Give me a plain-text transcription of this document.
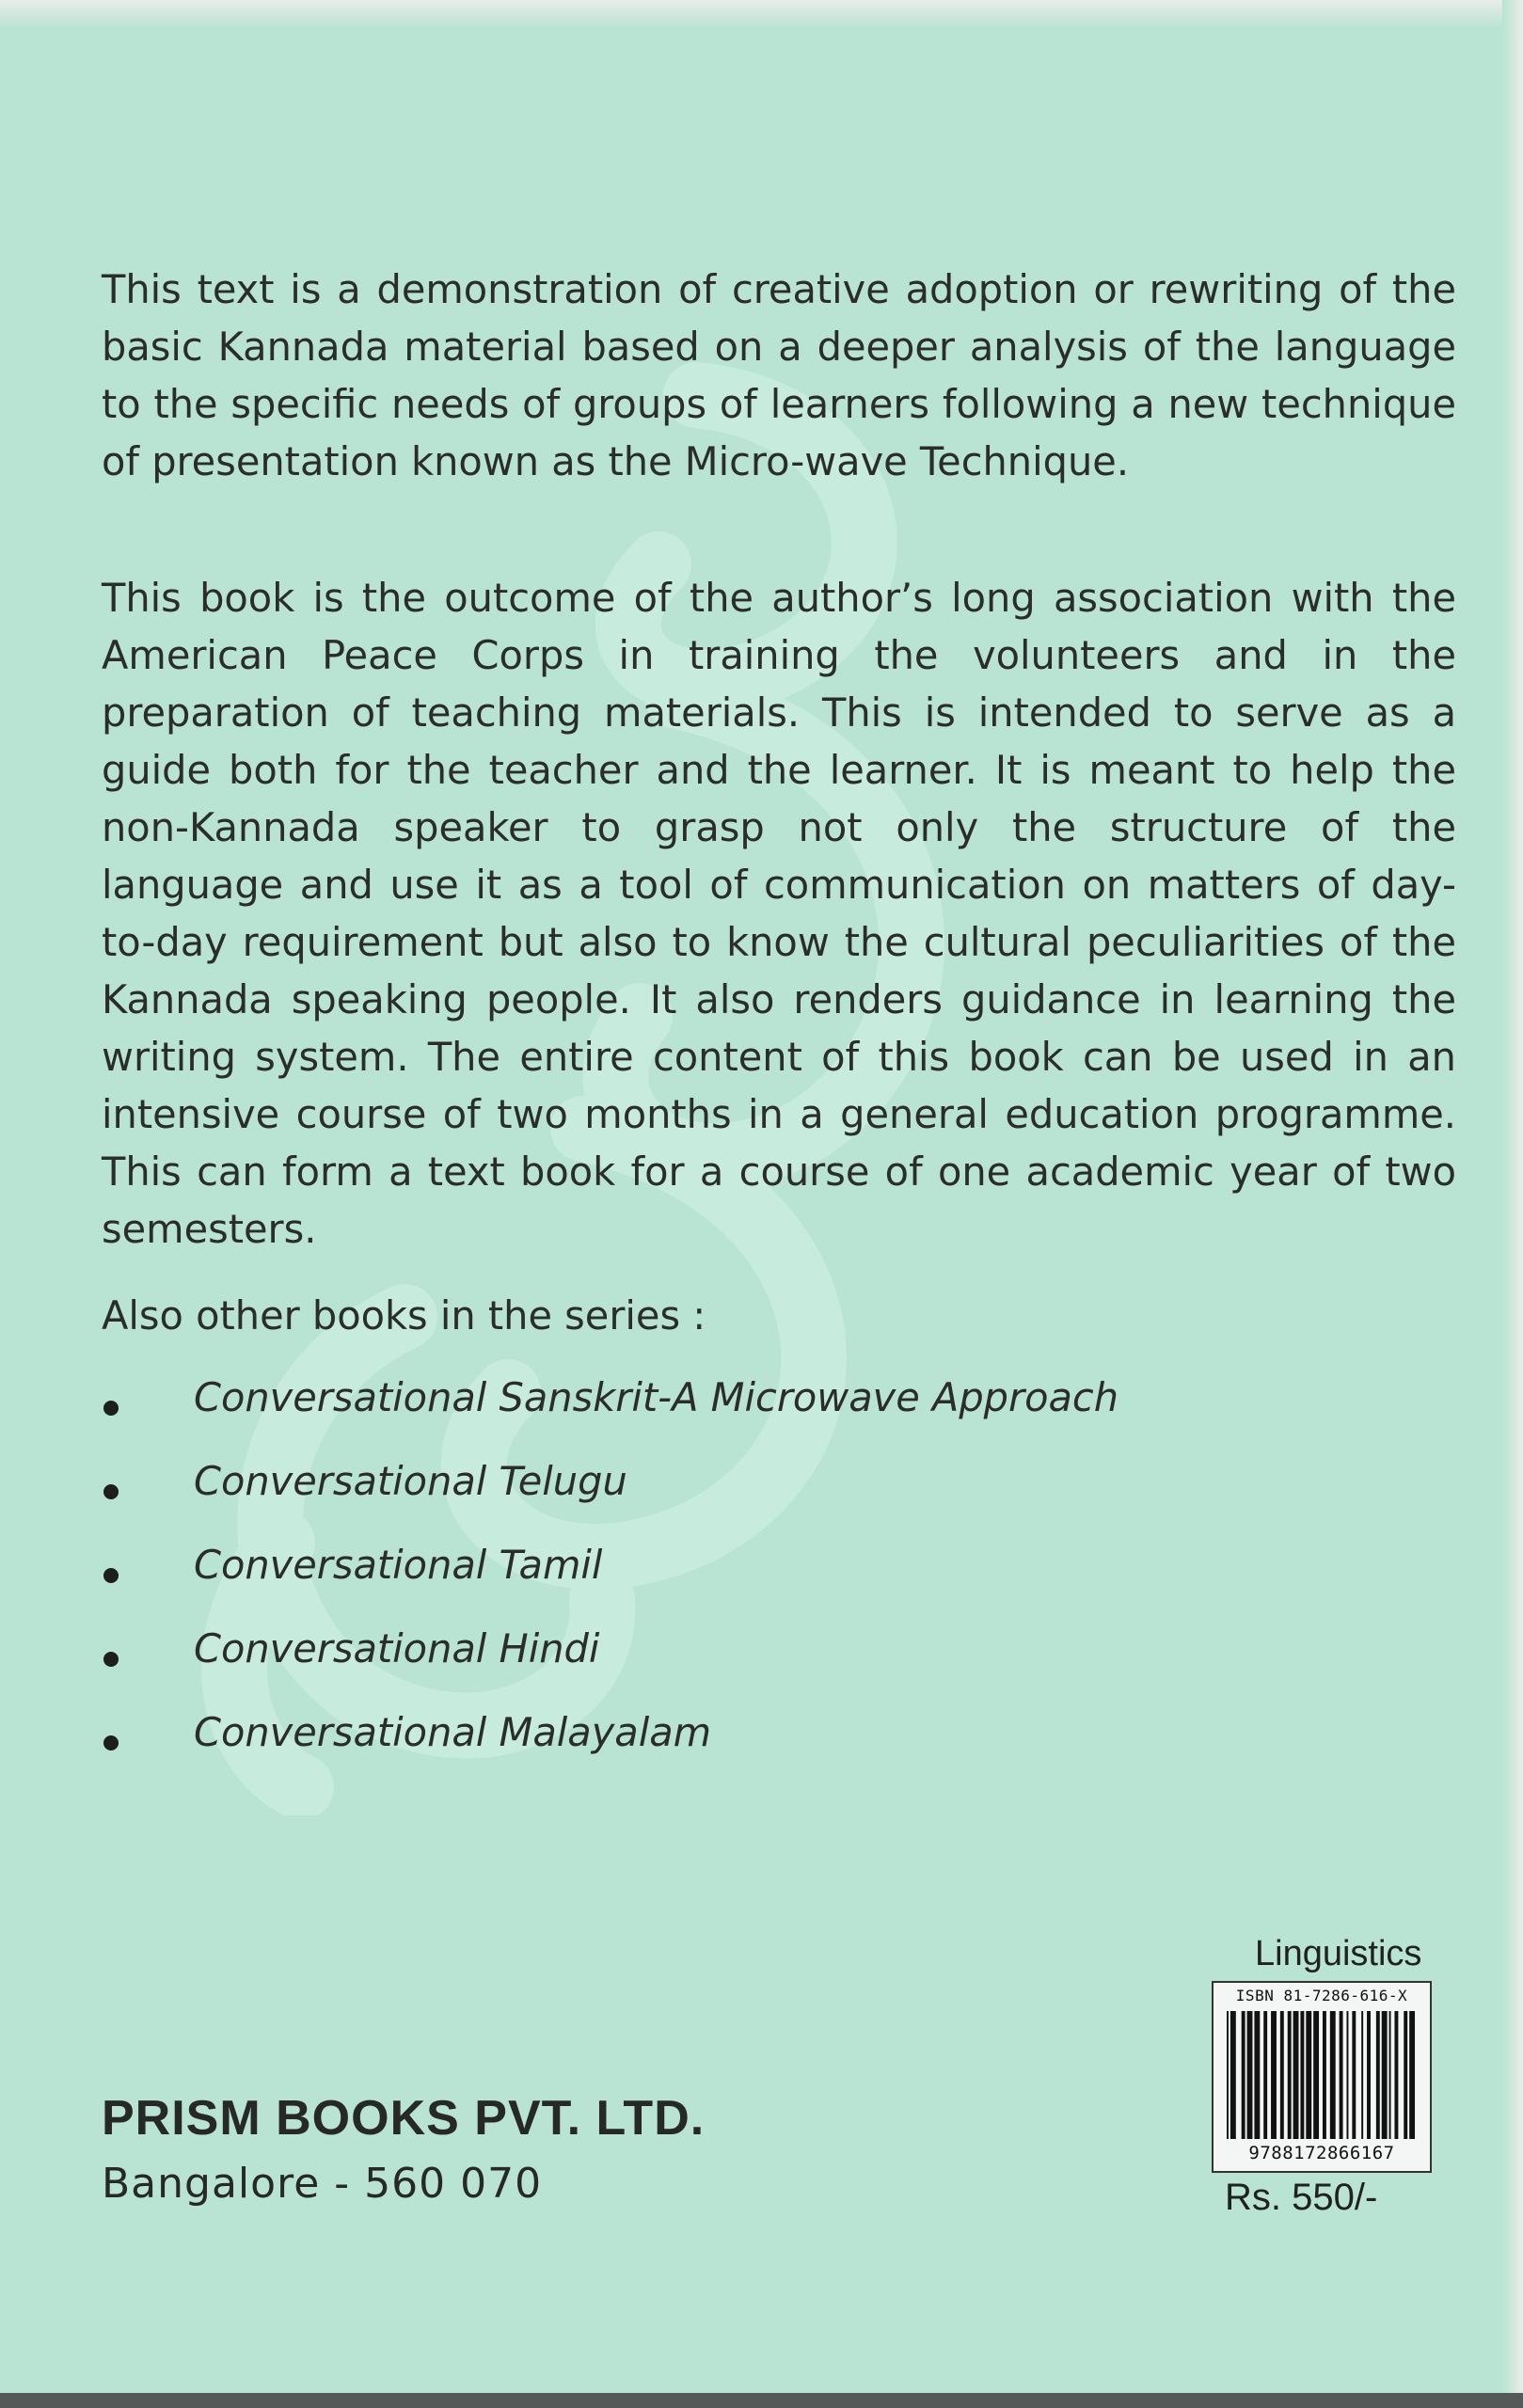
This text is a demonstration of creative adoption or rewriting of the basic Kannada material based on a deeper analysis of the language to the specific needs of groups of learners following a new technique of presentation known as the Micro-wave Technique.

This book is the outcome of the author’s long association with the American Peace Corps in training the volunteers and in the preparation of teaching materials. This is intended to serve as a guide both for the teacher and the learner. It is meant to help the non-Kannada speaker to grasp not only the structure of the language and use it as a tool of communication on matters of day-to-day requirement but also to know the cultural peculiarities of the Kannada speaking people. It also renders guidance in learning the writing system. The entire content of this book can be used in an intensive course of two months in a general education programme. This can form a text book for a course of one academic year of two semesters.

Also other books in the series :

Conversational Sanskrit-A Microwave Approach
Conversational Telugu
Conversational Tamil
Conversational Hindi
Conversational Malayalam

PRISM BOOKS PVT. LTD.

Bangalore - 560 070

Linguistics

ISBN 81-7286-616-X
9788172866167

Rs. 550/-
